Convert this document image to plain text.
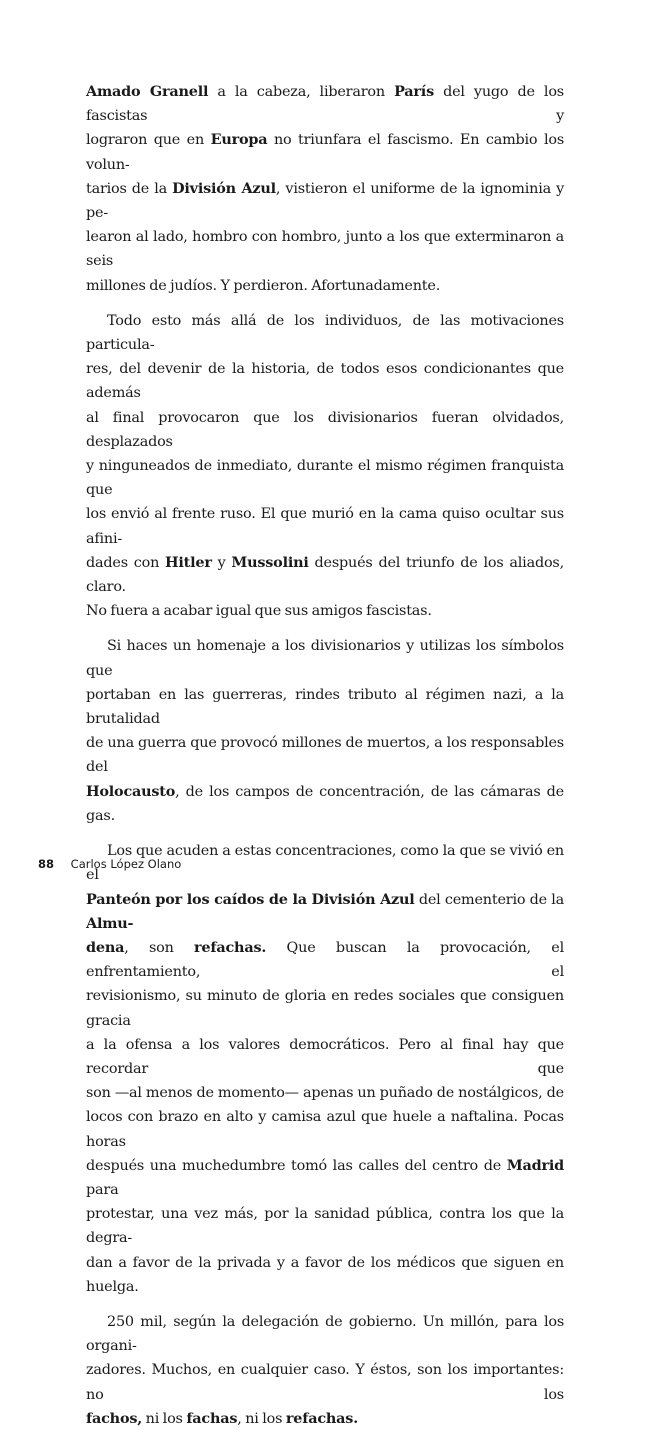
Amado Granell a la cabeza, liberaron París del yugo de los fascistas y
lograron que en Europa no triunfara el fascismo. En cambio los volun-
tarios de la División Azul, vistieron el uniforme de la ignominia y pe-
learon al lado, hombro con hombro, junto a los que exterminaron a seis
millones de judíos. Y perdieron. Afortunadamente.
Todo esto más allá de los individuos, de las motivaciones particula-
res, del devenir de la historia, de todos esos condicionantes que además
al final provocaron que los divisionarios fueran olvidados, desplazados
y ninguneados de inmediato, durante el mismo régimen franquista que
los envió al frente ruso. El que murió en la cama quiso ocultar sus afini-
dades con Hitler y Mussolini después del triunfo de los aliados, claro.
No fuera a acabar igual que sus amigos fascistas.
Si haces un homenaje a los divisionarios y utilizas los símbolos que
portaban en las guerreras, rindes tributo al régimen nazi, a la brutalidad
de una guerra que provocó millones de muertos, a los responsables del
Holocausto, de los campos de concentración, de las cámaras de gas.
Los que acuden a estas concentraciones, como la que se vivió en el
Panteón por los caídos de la División Azul del cementerio de la Almu-
dena, son refachas. Que buscan la provocación, el enfrentamiento, el
revisionismo, su minuto de gloria en redes sociales que consiguen gracia
a la ofensa a los valores democráticos. Pero al final hay que recordar que
son —al menos de momento— apenas un puñado de nostálgicos, de
locos con brazo en alto y camisa azul que huele a naftalina. Pocas horas
después una muchedumbre tomó las calles del centro de Madrid para
protestar, una vez más, por la sanidad pública, contra los que la degra-
dan a favor de la privada y a favor de los médicos que siguen en huelga.
250 mil, según la delegación de gobierno. Un millón, para los organi-
zadores. Muchos, en cualquier caso. Y éstos, son los importantes: no los
fachos, ni los fachas, ni los refachas.
88 Carlos López Olano
